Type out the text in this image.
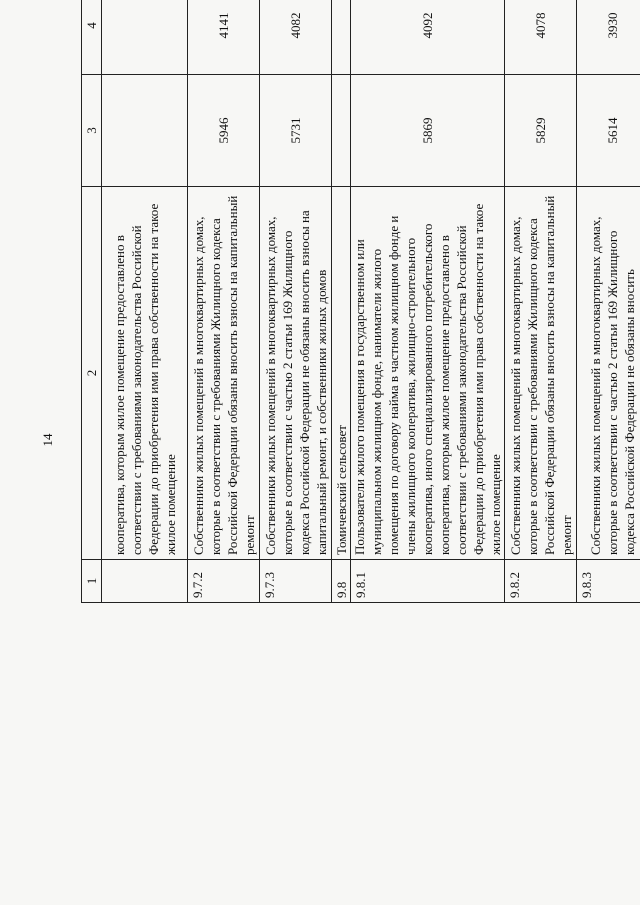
14
1	2	3	4		
	кооператива, которым жилое помещение предоставлено в соответствии с требованиями законодательства Российской Федерации до приобретения ими права собственности на такое жилое помещение				
9.7.2	Собственники жилых помещений в многоквартирных домах, которые в соответствии с требованиями Жилищного кодекса Российской Федерации обязаны вносить взносы на капитальный ремонт	5946	4141		
9.7.3	Собственники жилых помещений в многоквартирных домах, которые в соответствии с частью 2 статьи 169 Жилищного кодекса Российской Федерации не обязаны вносить взносы на капитальный ремонт, и собственники жилых домов	5731	4082		
9.8	Томичевский сельсовет				
9.8.1	Пользователи жилого помещения в государственном или муниципальном жилищном фонде, наниматели жилого помещения по договору найма в частном жилищном фонде и члены жилищного кооператива, жилищно-строительного кооператива, иного специализированного потребительского кооператива, которым жилое помещение предоставлено в соответствии с требованиями законодательства Российской Федерации до приобретения ими права собственности на такое жилое помещение	5869	4092		
9.8.2	Собственники жилых помещений в многоквартирных домах, которые в соответствии с требованиями Жилищного кодекса Российской Федерации обязаны вносить взносы на капитальный ремонт	5829	4078		
9.8.3	Собственники жилых помещений в многоквартирных домах, которые в соответствии с частью 2 статьи 169 Жилищного кодекса Российской Федерации не обязаны вносить	5614	3930		
